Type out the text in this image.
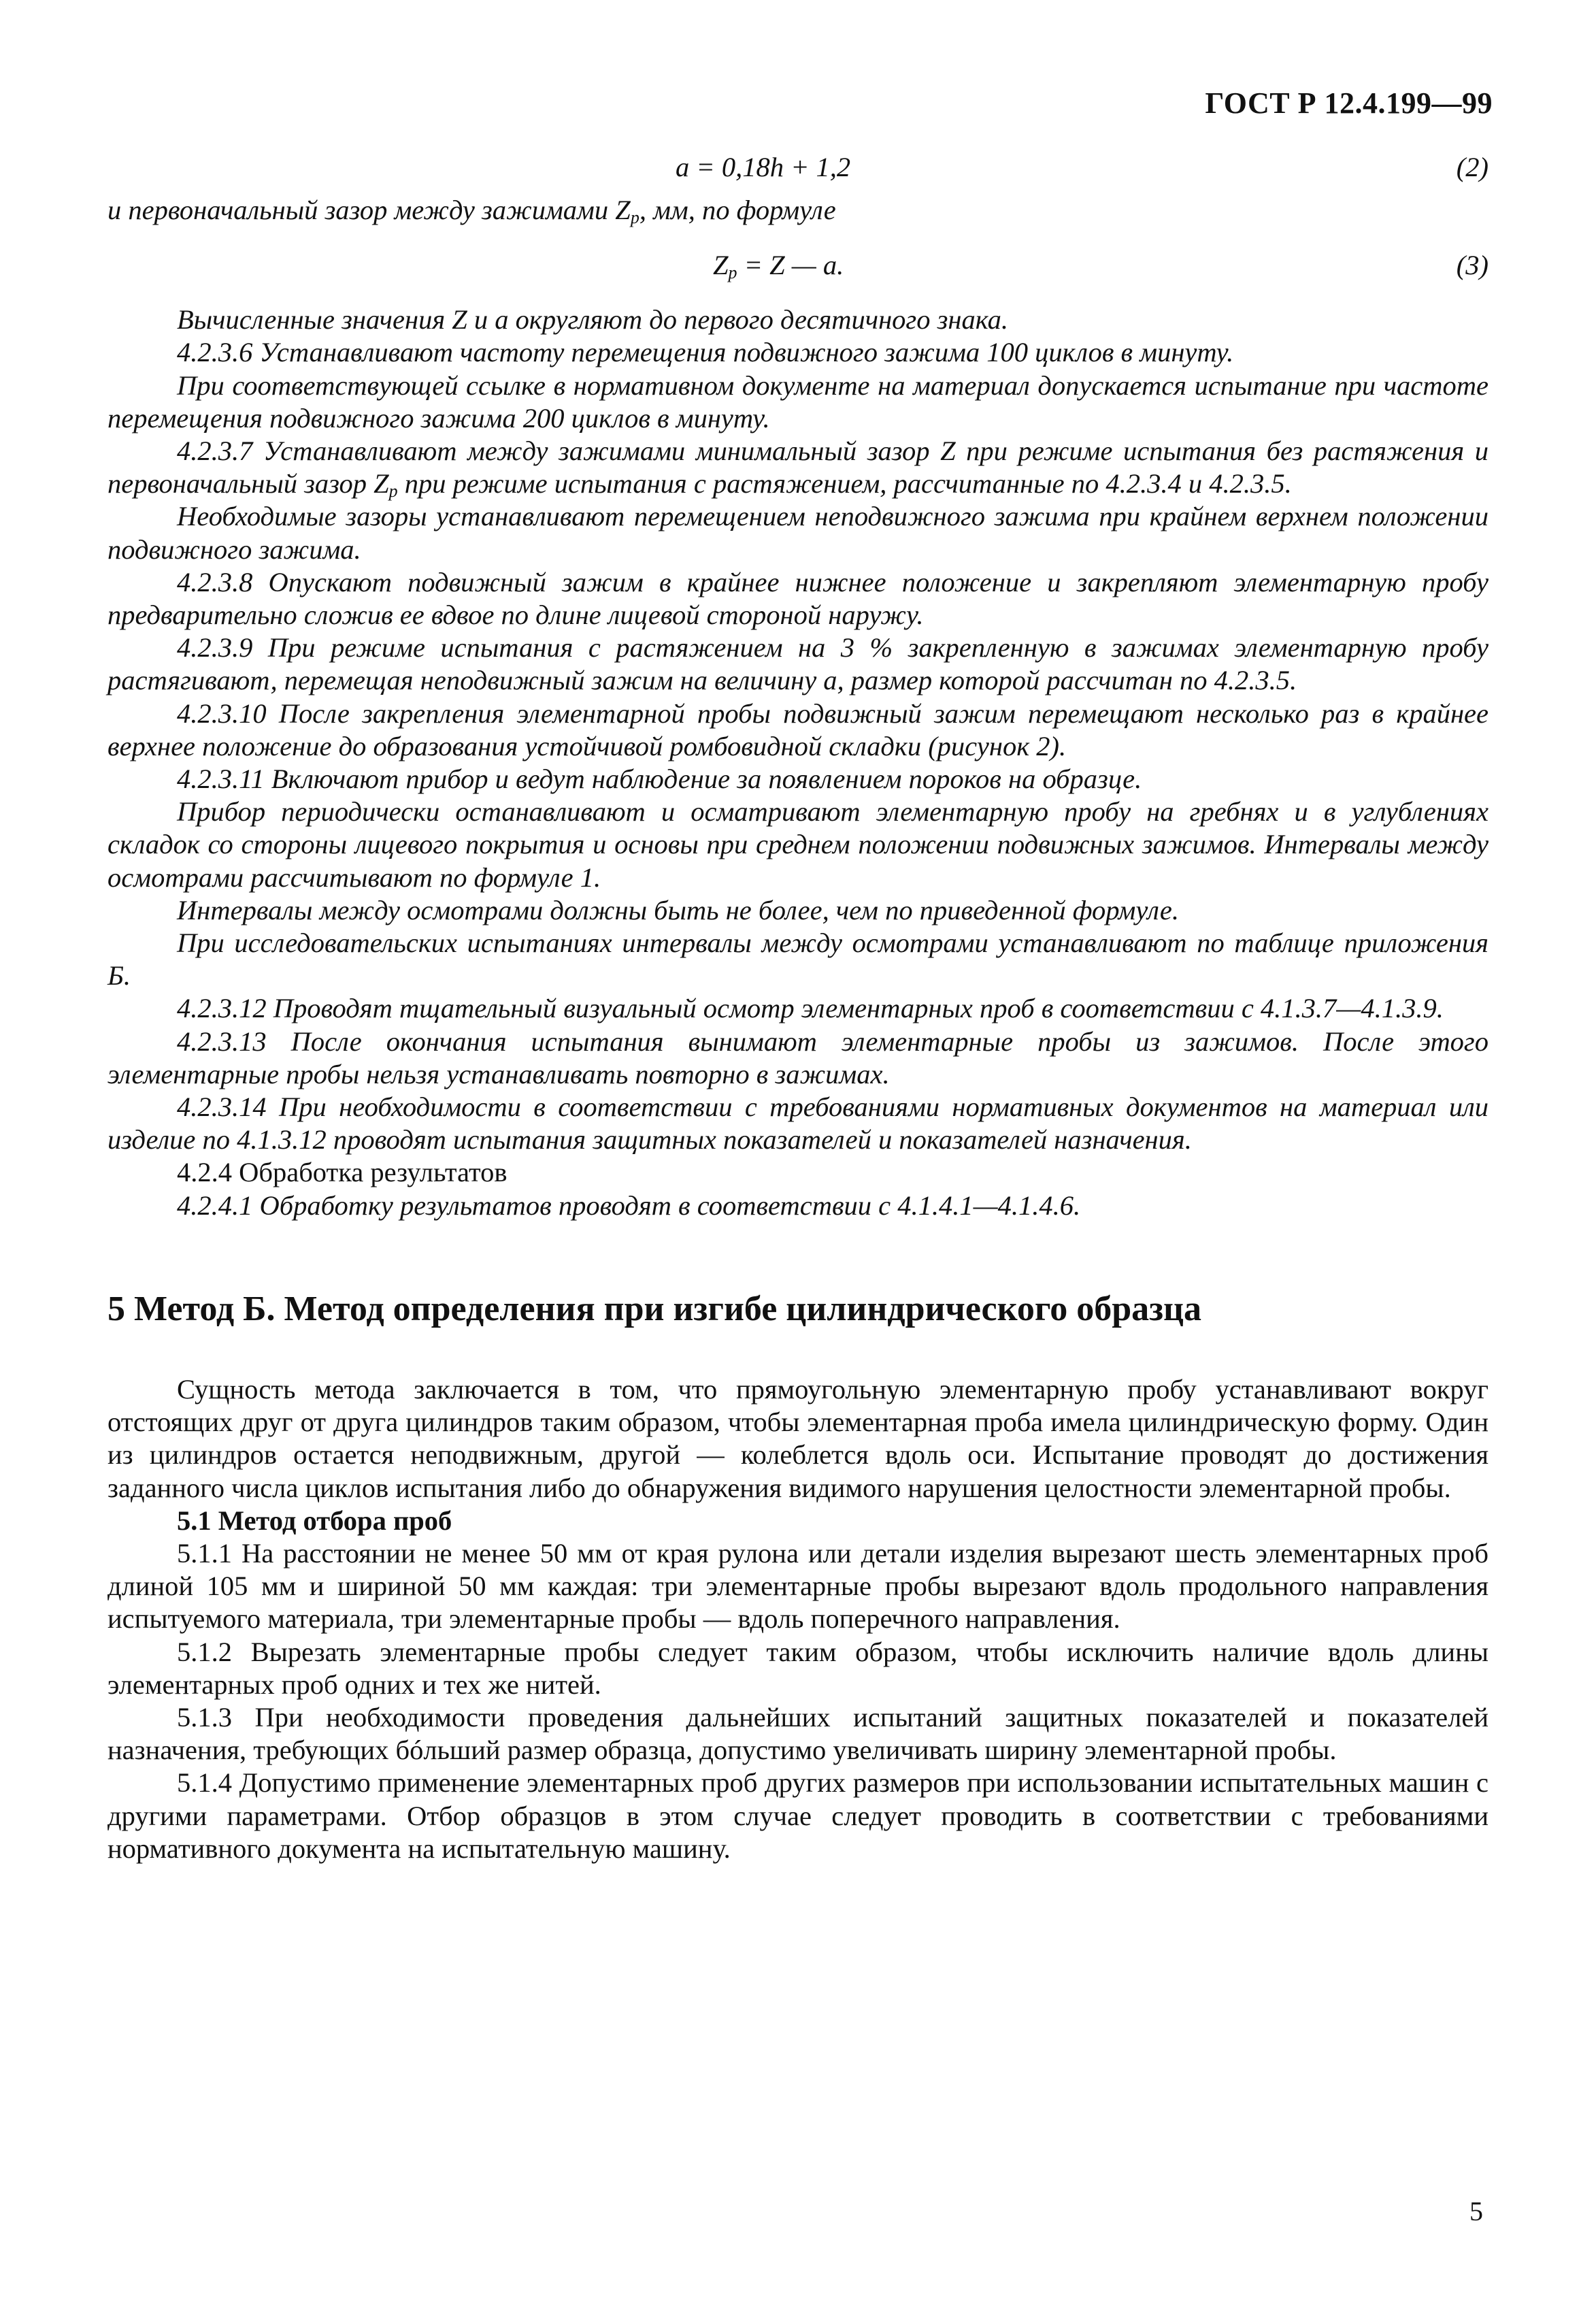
ГОСТ Р 12.4.199—99
a = 0,18h + 1,2	(2)

и первоначальный зазор между зажимами $Z_p$, мм, по формуле

$Z_p = Z$ — a.	(3)

Вычисленные значения Z и a округляют до первого десятичного знака.

4.2.3.6 Устанавливают частоту перемещения подвижного зажима 100 циклов в минуту.

При соответствующей ссылке в нормативном документе на материал допускается испытание при частоте перемещения подвижного зажима 200 циклов в минуту.

4.2.3.7 Устанавливают между зажимами минимальный зазор Z при режиме испытания без растяжения и первоначальный зазор $Z_p$ при режиме испытания с растяжением, рассчитанные по 4.2.3.4 и 4.2.3.5.

Необходимые зазоры устанавливают перемещением неподвижного зажима при крайнем верхнем положении подвижного зажима.

4.2.3.8 Опускают подвижный зажим в крайнее нижнее положение и закрепляют элементарную пробу предварительно сложив ее вдвое по длине лицевой стороной наружу.

4.2.3.9 При режиме испытания с растяжением на 3 % закрепленную в зажимах элементарную пробу растягивают, перемещая неподвижный зажим на величину a, размер которой рассчитан по 4.2.3.5.

4.2.3.10 После закрепления элементарной пробы подвижный зажим перемещают несколько раз в крайнее верхнее положение до образования устойчивой ромбовидной складки (рисунок 2).

4.2.3.11 Включают прибор и ведут наблюдение за появлением пороков на образце.

Прибор периодически останавливают и осматривают элементарную пробу на гребнях и в углублениях складок со стороны лицевого покрытия и основы при среднем положении подвижных зажимов. Интервалы между осмотрами рассчитывают по формуле 1.

Интервалы между осмотрами должны быть не более, чем по приведенной формуле.

При исследовательских испытаниях интервалы между осмотрами устанавливают по таблице приложения Б.

4.2.3.12 Проводят тщательный визуальный осмотр элементарных проб в соответствии с 4.1.3.7—4.1.3.9.

4.2.3.13 После окончания испытания вынимают элементарные пробы из зажимов. После этого элементарные пробы нельзя устанавливать повторно в зажимах.

4.2.3.14 При необходимости в соответствии с требованиями нормативных документов на материал или изделие по 4.1.3.12 проводят испытания защитных показателей и показателей назначения.

4.2.4 Обработка результатов

4.2.4.1 Обработку результатов проводят в соответствии с 4.1.4.1—4.1.4.6.

5 Метод Б. Метод определения при изгибе цилиндрического образца

Сущность метода заключается в том, что прямоугольную элементарную пробу устанавливают вокруг отстоящих друг от друга цилиндров таким образом, чтобы элементарная проба имела цилиндрическую форму. Один из цилиндров остается неподвижным, другой — колеблется вдоль оси. Испытание проводят до достижения заданного числа циклов испытания либо до обнаружения видимого нарушения целостности элементарной пробы.

5.1 Метод отбора проб

5.1.1 На расстоянии не менее 50 мм от края рулона или детали изделия вырезают шесть элементарных проб длиной 105 мм и шириной 50 мм каждая: три элементарные пробы вырезают вдоль продольного направления испытуемого материала, три элементарные пробы — вдоль поперечного направления.

5.1.2 Вырезать элементарные пробы следует таким образом, чтобы исключить наличие вдоль длины элементарных проб одних и тех же нитей.

5.1.3 При необходимости проведения дальнейших испытаний защитных показателей и показателей назначения, требующих бóльший размер образца, допустимо увеличивать ширину элементарной пробы.

5.1.4 Допустимо применение элементарных проб других размеров при использовании испытательных машин с другими параметрами. Отбор образцов в этом случае следует проводить в соответствии с требованиями нормативного документа на испытательную машину.

5
